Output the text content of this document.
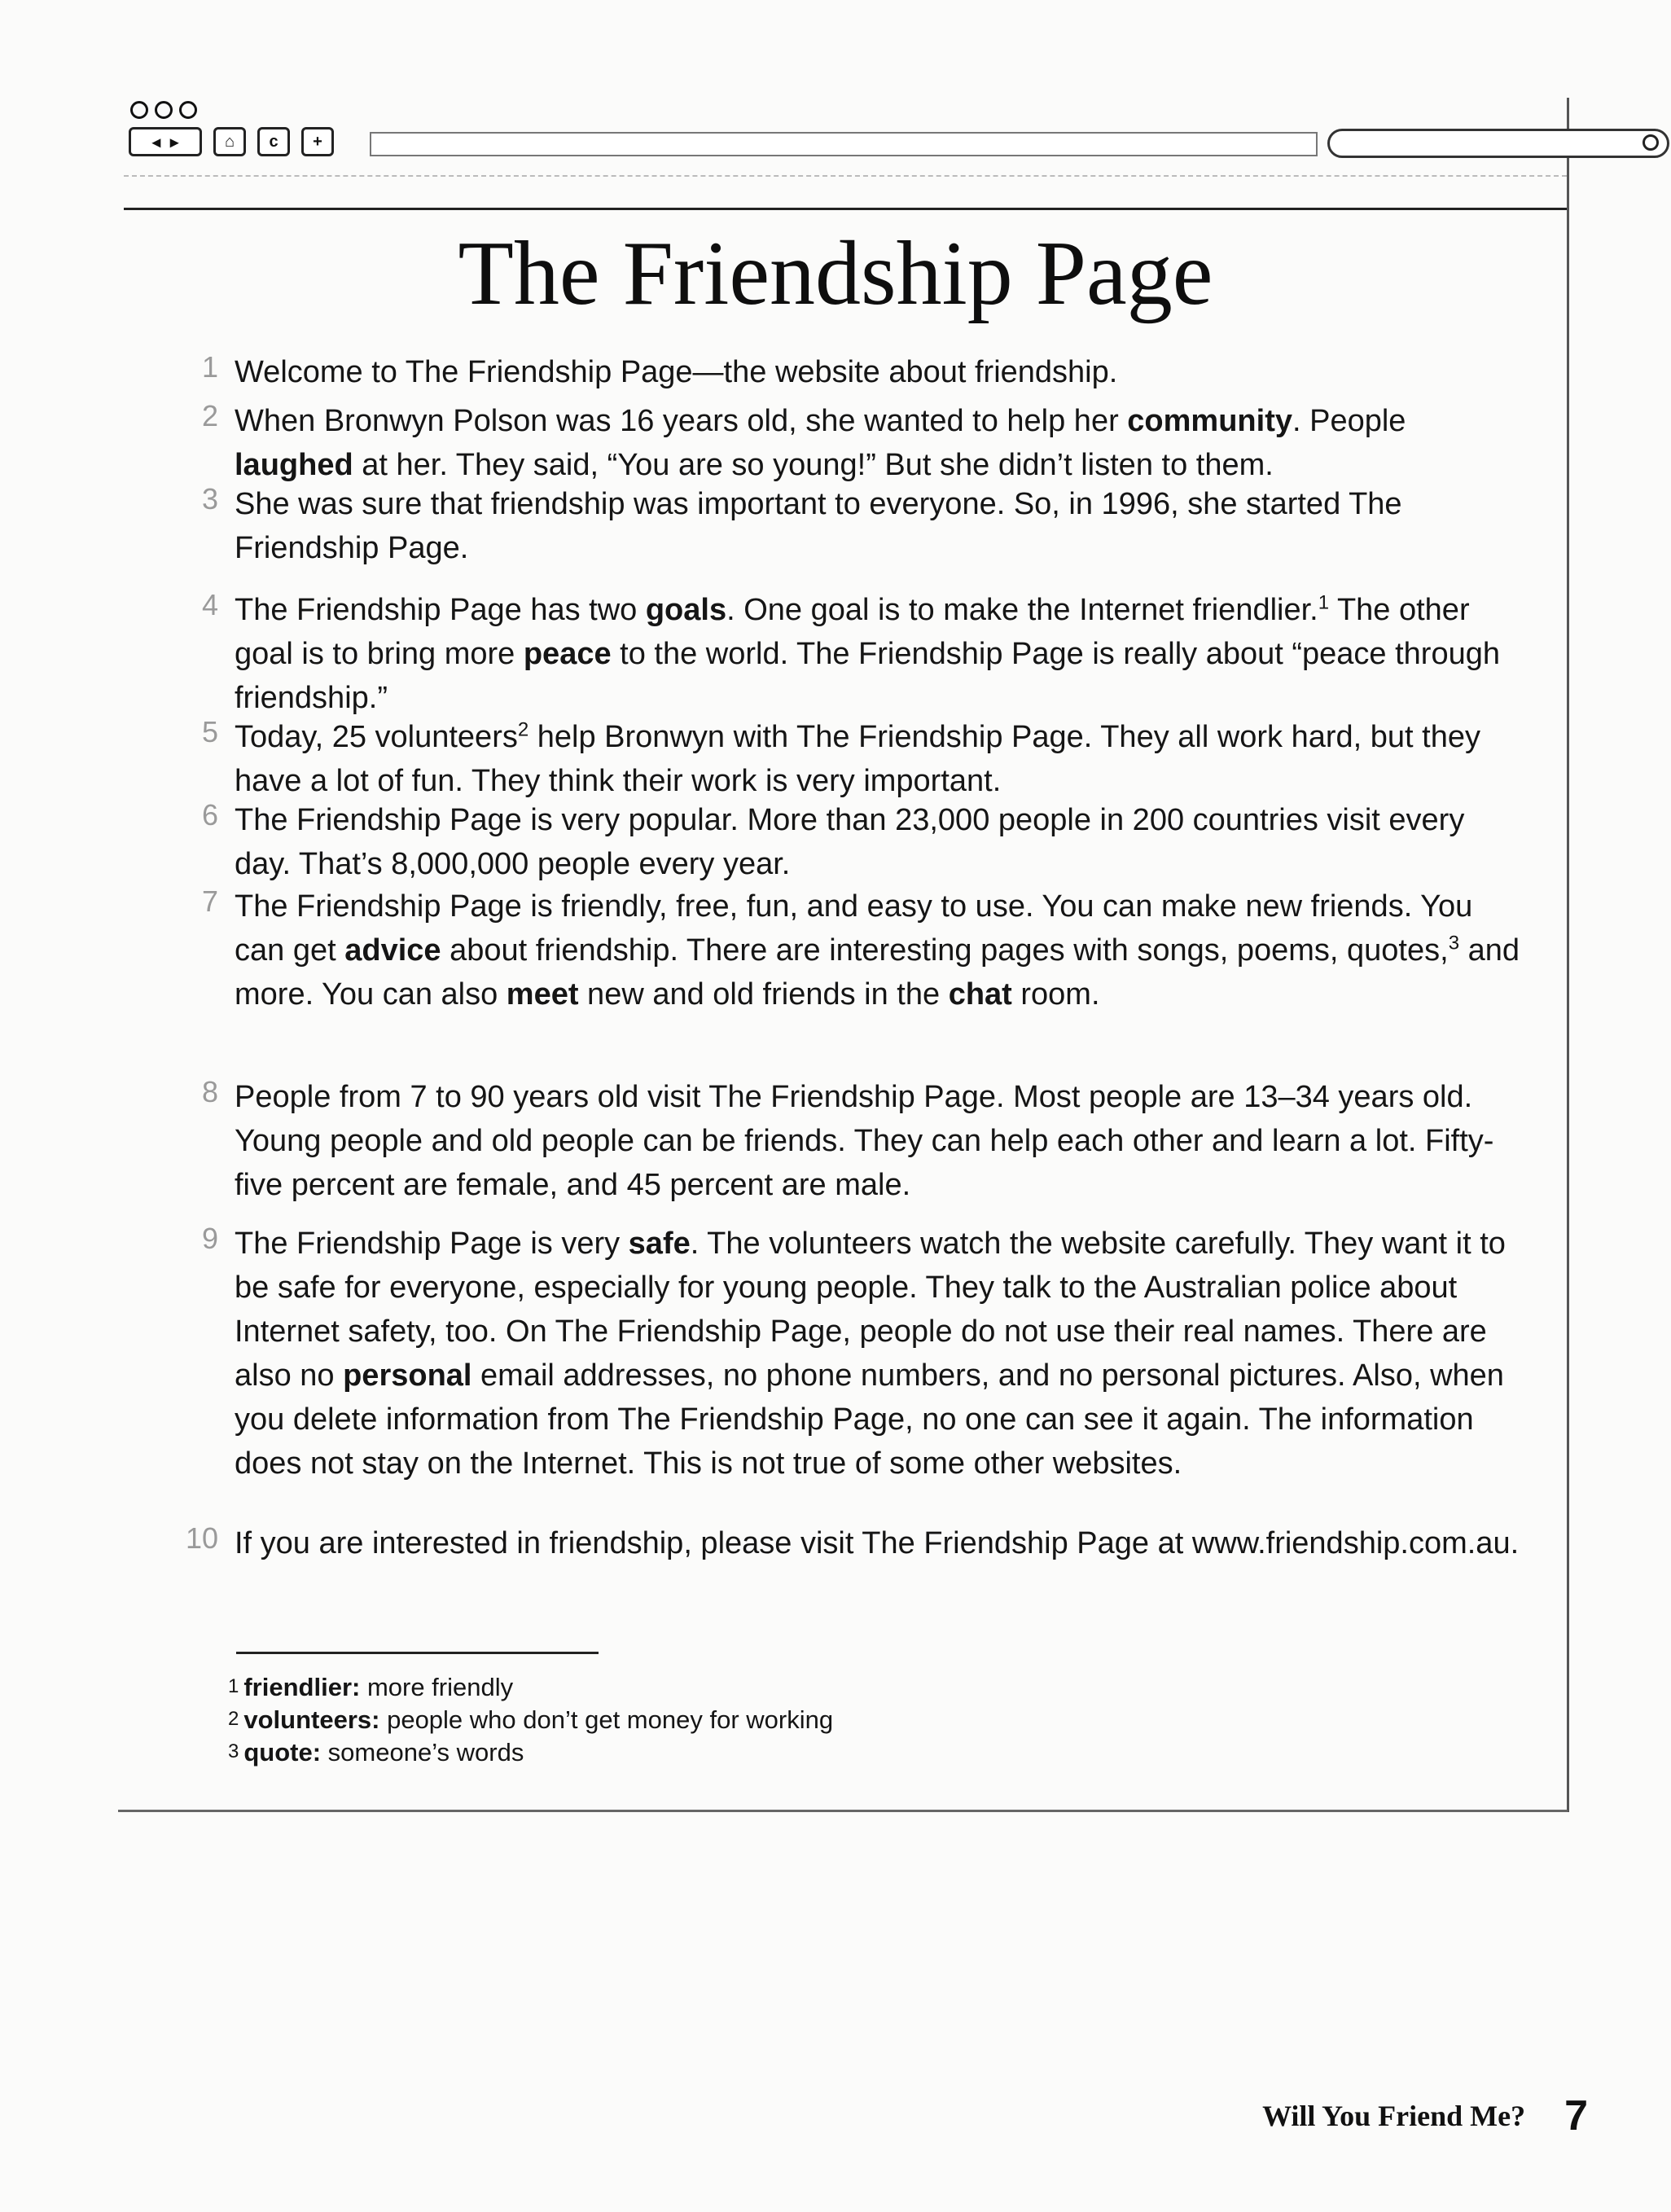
◂ ▸	⌂ c +
The Friendship Page
1 Welcome to The Friendship Page—the website about friendship.
2 When Bronwyn Polson was 16 years old, she wanted to help her community. People laughed at her. They said, “You are so young!” But she didn’t listen to them.
3 She was sure that friendship was important to everyone. So, in 1996, she started The Friendship Page.
4 The Friendship Page has two goals. One goal is to make the Internet friendlier.$^1$ The other goal is to bring more peace to the world. The Friendship Page is really about “peace through friendship.”
5 Today, 25 volunteers$^2$ help Bronwyn with The Friendship Page. They all work hard, but they have a lot of fun. They think their work is very important.
6 The Friendship Page is very popular. More than 23,000 people in 200 countries visit every day. That’s 8,000,000 people every year.
7 The Friendship Page is friendly, free, fun, and easy to use. You can make new friends. You can get advice about friendship. There are interesting pages with songs, poems, quotes,$^3$ and more. You can also meet new and old friends in the chat room.
8 People from 7 to 90 years old visit The Friendship Page. Most people are 13–34 years old. Young people and old people can be friends. They can help each other and learn a lot. Fifty-five percent are female, and 45 percent are male.
9 The Friendship Page is very safe. The volunteers watch the website carefully. They want it to be safe for everyone, especially for young people. They talk to the Australian police about Internet safety, too. On The Friendship Page, people do not use their real names. There are also no personal email addresses, no phone numbers, and no personal pictures. Also, when you delete information from The Friendship Page, no one can see it again. The information does not stay on the Internet. This is not true of some other websites.
10 If you are interested in friendship, please visit The Friendship Page at www.friendship.com.au.
1 friendlier: more friendly
2 volunteers: people who don’t get money for working
3 quote: someone’s words
Will You Friend Me? 7
